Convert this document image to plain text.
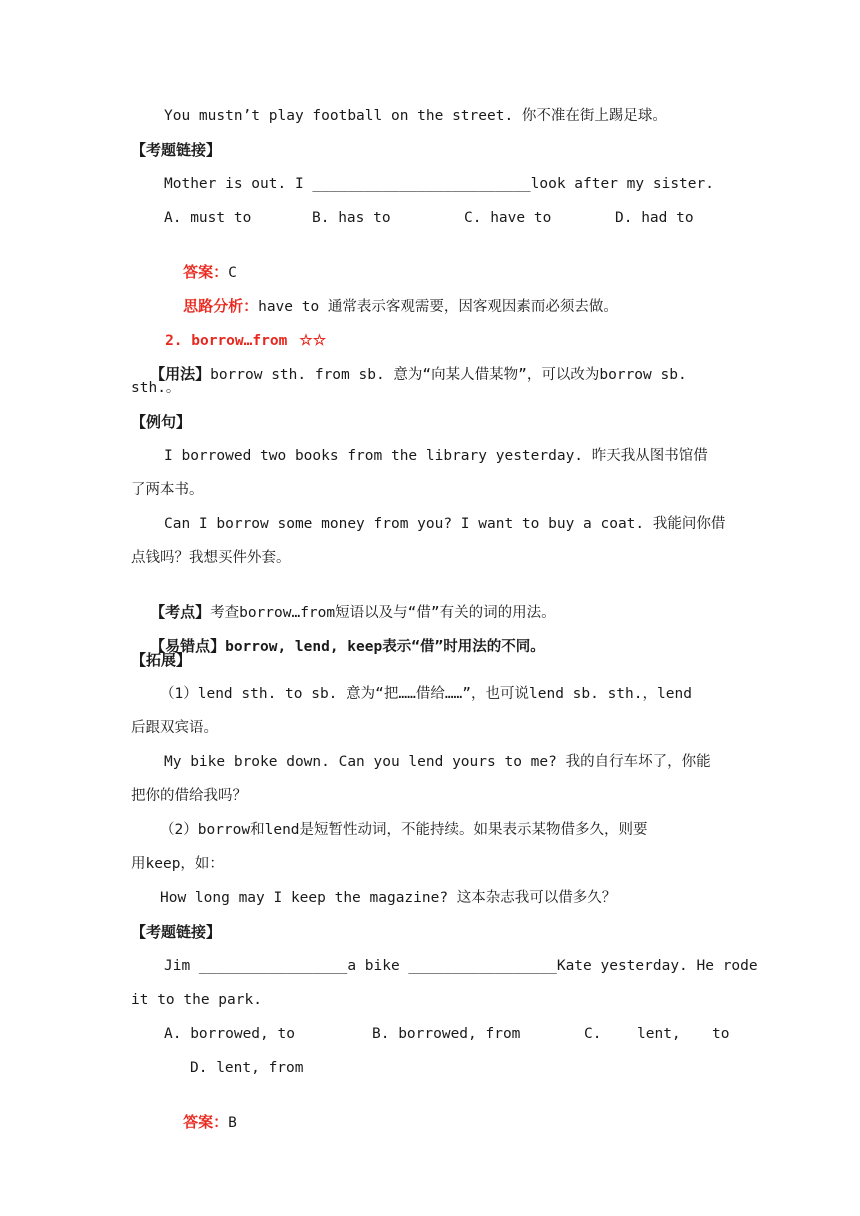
You mustn’t play football on the street. 你不准在街上踢足球。
【考题链接】
Mother is out. I _________________________look after my sister.
A. must to	B. has to	C. have to	D. had to

答案：C

思路分析：have to 通常表示客观需要，因客观因素而必须去做。

2. borrow…from ☆☆

【用法】borrow sth. from sb. 意为“向某人借某物”，可以改为borrow sb.

sth.。
【例句】
I borrowed two books from the library yesterday. 昨天我从图书馆借
了两本书。
Can I borrow some money from you? I want to buy a coat. 我能问你借
点钱吗？我想买件外套。

【考点】考查borrow…from短语以及与“借”有关的词的用法。

【易错点】borrow, lend, keep表示“借”时用法的不同。

【拓展】
（1）lend sth. to sb. 意为“把……借给……”，也可说lend sb. sth.，lend
后跟双宾语。
My bike broke down. Can you lend yours to me? 我的自行车坏了，你能
把你的借给我吗？
（2）borrow和lend是短暂性动词，不能持续。如果表示某物借多久，则要
用keep，如：
How long may I keep the magazine? 这本杂志我可以借多久？
【考题链接】
Jim _________________a bike _________________Kate yesterday. He rode
it to the park.
A. borrowed, to	B. borrowed, from	C. lent, to
D. lent, from

答案：B
